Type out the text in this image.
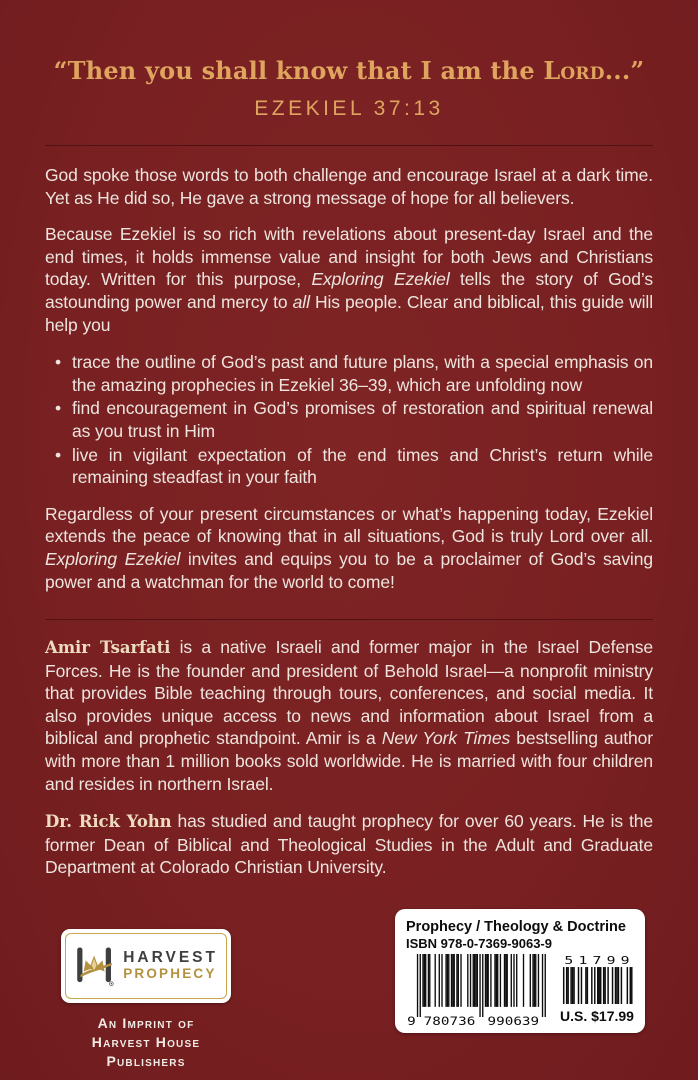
“Then you shall know that I am the Lord...”
EZEKIEL 37:13

God spoke those words to both challenge and encourage Israel at a dark time. Yet as He did so, He gave a strong message of hope for all believers.

Because Ezekiel is so rich with revelations about present-day Israel and the end times, it holds immense value and insight for both Jews and Christians today. Written for this purpose, Exploring Ezekiel tells the story of God’s astounding power and mercy to all His people. Clear and biblical, this guide will help you

• trace the outline of God’s past and future plans, with a special emphasis on the amazing prophecies in Ezekiel 36–39, which are unfolding now
• find encouragement in God’s promises of restoration and spiritual renewal as you trust in Him
• live in vigilant expectation of the end times and Christ’s return while remaining steadfast in your faith

Regardless of your present circumstances or what’s happening today, Ezekiel extends the peace of knowing that in all situations, God is truly Lord over all. Exploring Ezekiel invites and equips you to be a proclaimer of God’s saving power and a watchman for the world to come!

Amir Tsarfati is a native Israeli and former major in the Israel Defense Forces. He is the founder and president of Behold Israel—a nonprofit ministry that provides Bible teaching through tours, conferences, and social media. It also provides unique access to news and information about Israel from a biblical and prophetic standpoint. Amir is a New York Times bestselling author with more than 1 million books sold worldwide. He is married with four children and resides in northern Israel.

Dr. Rick Yohn has studied and taught prophecy for over 60 years. He is the former Dean of Biblical and Theological Studies in the Adult and Graduate Department at Colorado Christian University.

HARVEST
PROPHECY
An Imprint of
Harvest House Publishers
Prophecy / Theology & Doctrine
ISBN 978-0-7369-9063-9
9 780736 990639
5 1 7 9 9
U.S. $17.99
